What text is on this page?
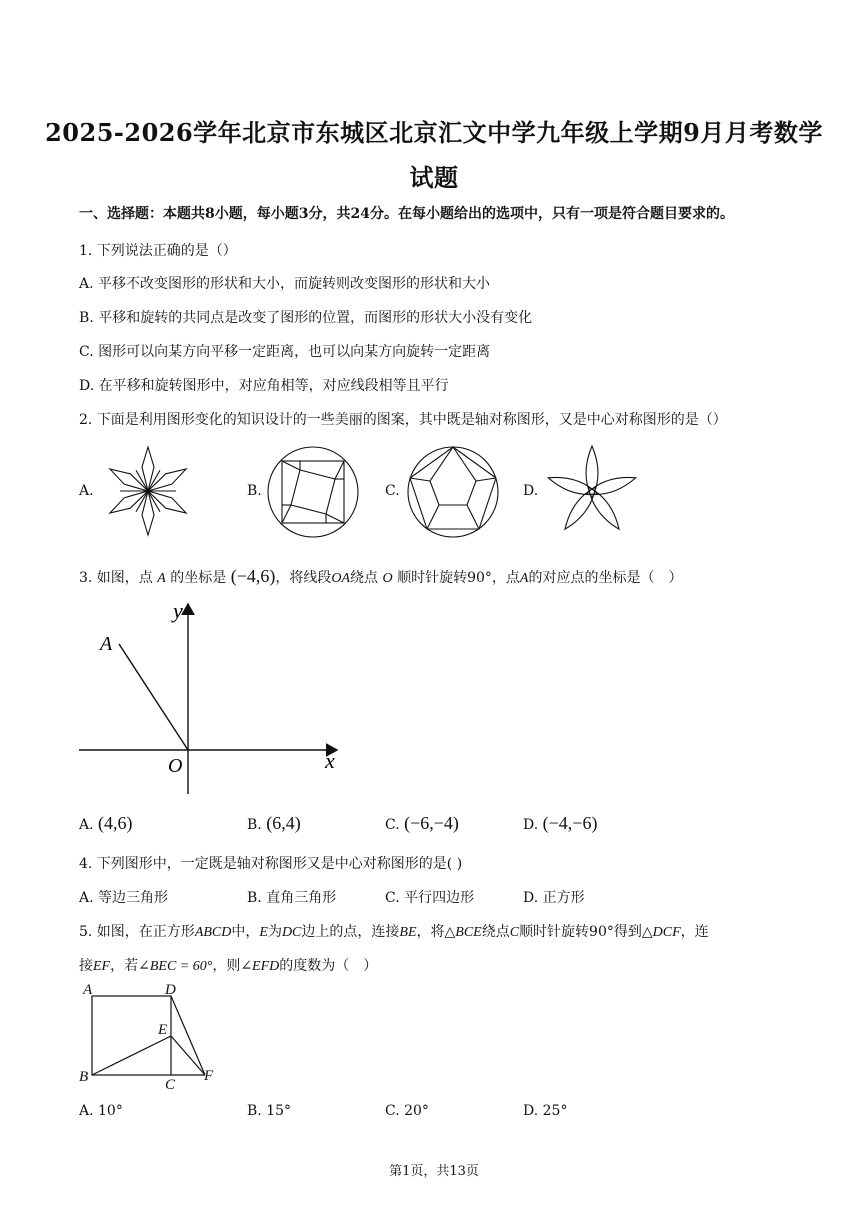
2025-2026学年北京市东城区北京汇文中学九年级上学期9月月考数学
试题
一、选择题：本题共8小题，每小题3分，共24分。在每小题给出的选项中，只有一项是符合题目要求的。
1. 下列说法正确的是（）
A. 平移不改变图形的形状和大小，而旋转则改变图形的形状和大小
B. 平移和旋转的共同点是改变了图形的位置，而图形的形状大小没有变化
C. 图形可以向某方向平移一定距离，也可以向某方向旋转一定距离
D. 在平移和旋转图形中，对应角相等，对应线段相等且平行
2. 下面是利用图形变化的知识设计的一些美丽的图案，其中既是轴对称图形，又是中心对称图形的是（）
A.	B.	C.	D.
3. 如图，点 A 的坐标是 (−4,6)，将线段OA绕点 O 顺时针旋转90°，点A的对应点的坐标是（　）
y
x
A
O
A. (4,6)	B. (6,4)	C. (−6,−4)	D. (−4,−6)
4. 下列图形中，一定既是轴对称图形又是中心对称图形的是( )
A. 等边三角形	B. 直角三角形	C. 平行四边形	D. 正方形
5. 如图，在正方形ABCD中，E为DC边上的点，连接BE，将△BCE绕点C顺时针旋转90°得到△DCF，连
接EF，若∠BEC = 60°，则∠EFD的度数为（　）
A	D
E
B	C
F
A. 10°	B. 15°	C. 20°	D. 25°
第1页，共13页
